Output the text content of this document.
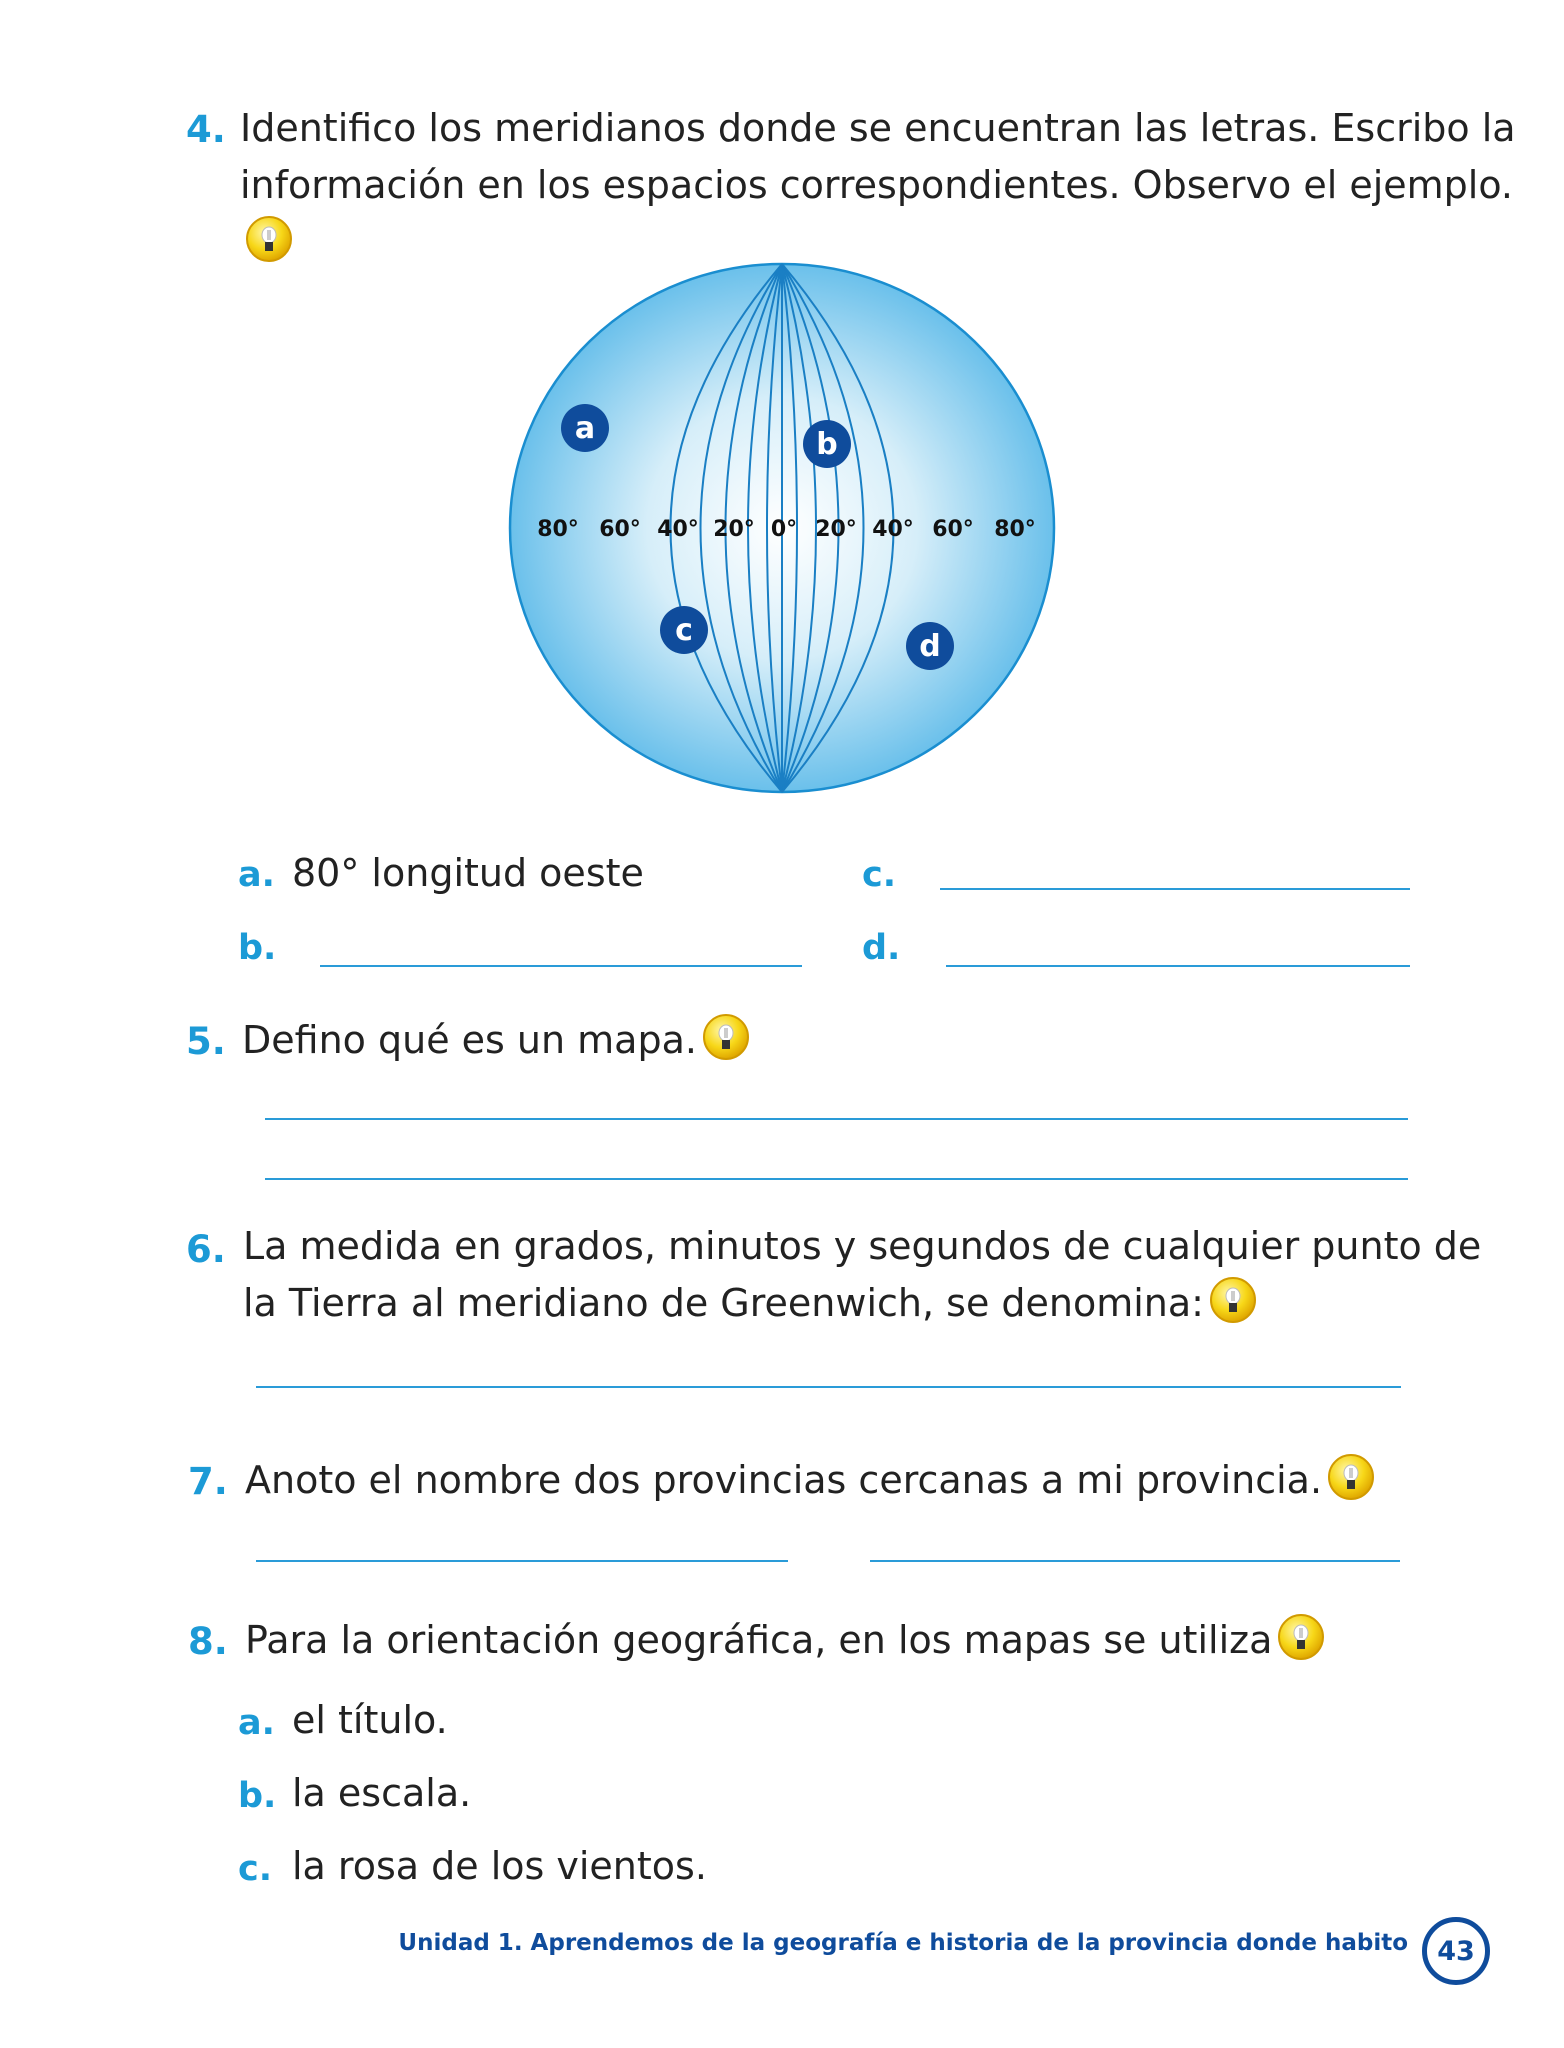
4. Identifico los meridianos donde se encuentran las letras. Escribo la
información en los espacios correspondientes. Observo el ejemplo.
80° 60° 40° 20° 0° 20° 40° 60° 80°
a	b
c	d
a. 80° longitud oeste	c.
b.	d.
5. Defino qué es un mapa.
6. La medida en grados, minutos y segundos de cualquier punto de
la Tierra al meridiano de Greenwich, se denomina:
7. Anoto el nombre dos provincias cercanas a mi provincia.
8. Para la orientación geográfica, en los mapas se utiliza
a. el título.
b. la escala.
c. la rosa de los vientos.
Unidad 1. Aprendemos de la geografía e historia de la provincia donde habito	43
